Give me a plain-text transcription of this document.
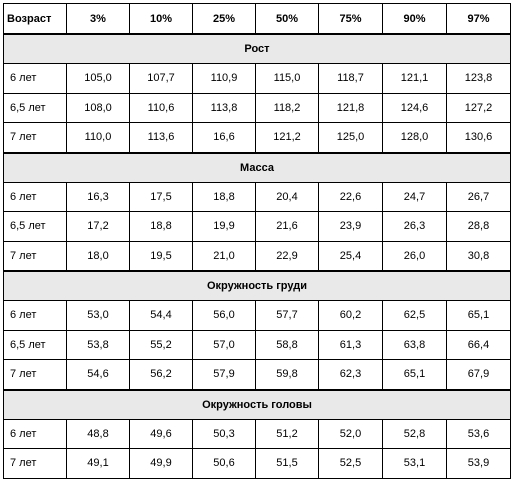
Возраст	3%	10%	25%	50%	75%	90%	97%
Рост							
6 лет	105,0	107,7	110,9	115,0	118,7	121,1	123,8
6,5 лет	108,0	110,6	113,8	118,2	121,8	124,6	127,2
7 лет	110,0	113,6	16,6	121,2	125,0	128,0	130,6
Масса							
6 лет	16,3	17,5	18,8	20,4	22,6	24,7	26,7
6,5 лет	17,2	18,8	19,9	21,6	23,9	26,3	28,8
7 лет	18,0	19,5	21,0	22,9	25,4	26,0	30,8
Окружность груди							
6 лет	53,0	54,4	56,0	57,7	60,2	62,5	65,1
6,5 лет	53,8	55,2	57,0	58,8	61,3	63,8	66,4
7 лет	54,6	56,2	57,9	59,8	62,3	65,1	67,9
Окружность головы							
6 лет	48,8	49,6	50,3	51,2	52,0	52,8	53,6
7 лет	49,1	49,9	50,6	51,5	52,5	53,1	53,9
